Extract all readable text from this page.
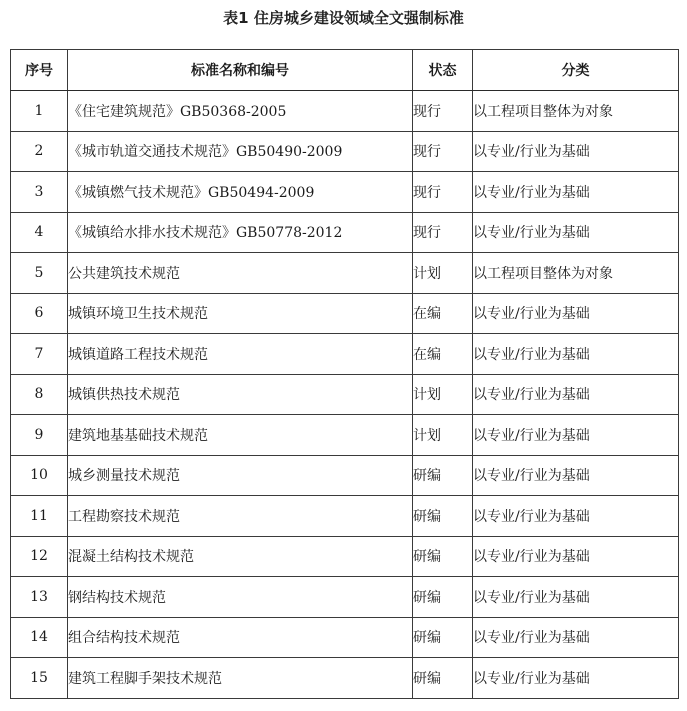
表1 住房城乡建设领域全文强制标准
序号	标准名称和编号	状态	分类
1	《住宅建筑规范》GB50368-2005	现行	以工程项目整体为对象
2	《城市轨道交通技术规范》GB50490-2009	现行	以专业/行业为基础
3	《城镇燃气技术规范》GB50494-2009	现行	以专业/行业为基础
4	《城镇给水排水技术规范》GB50778-2012	现行	以专业/行业为基础
5	公共建筑技术规范	计划	以工程项目整体为对象
6	城镇环境卫生技术规范	在编	以专业/行业为基础
7	城镇道路工程技术规范	在编	以专业/行业为基础
8	城镇供热技术规范	计划	以专业/行业为基础
9	建筑地基基础技术规范	计划	以专业/行业为基础
10	城乡测量技术规范	研编	以专业/行业为基础
11	工程勘察技术规范	研编	以专业/行业为基础
12	混凝土结构技术规范	研编	以专业/行业为基础
13	钢结构技术规范	研编	以专业/行业为基础
14	组合结构技术规范	研编	以专业/行业为基础
15	建筑工程脚手架技术规范	研编	以专业/行业为基础
